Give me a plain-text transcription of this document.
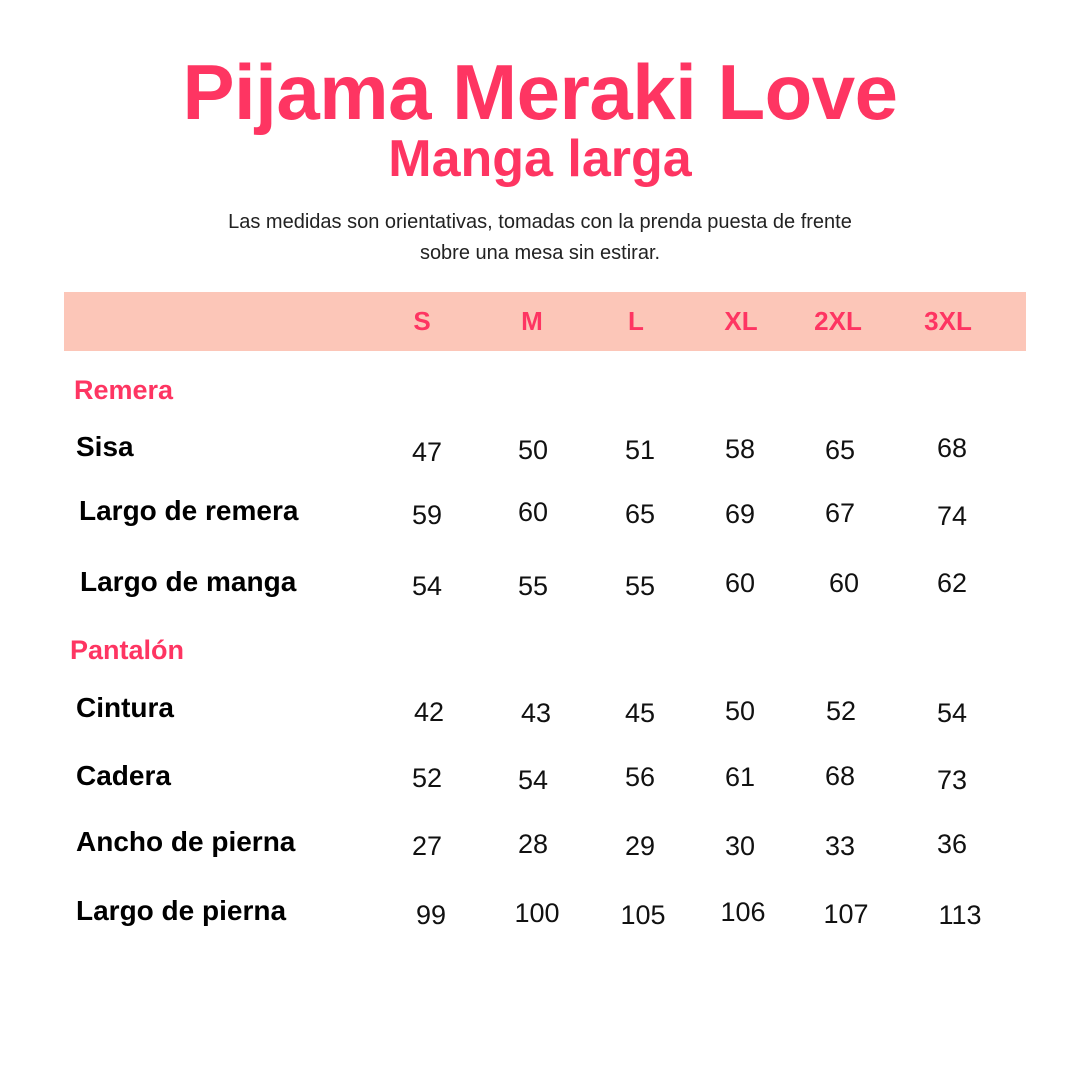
Pijama Meraki Love
Manga larga
Las medidas son orientativas, tomadas con la prenda puesta de frente
sobre una mesa sin estirar.
S	M	L	XL	2XL	3XL
Remera
Sisa	47	50	51	58	65	68
Largo de remera	59	60	65	69	67	74
Largo de manga	54	55	55	60	60	62
Pantalón
Cintura	42	43	45	50	52	54
Cadera	52	54	56	61	68	73
Ancho de pierna	27	28	29	30	33	36
Largo de pierna	99	100	105	106	107	113
